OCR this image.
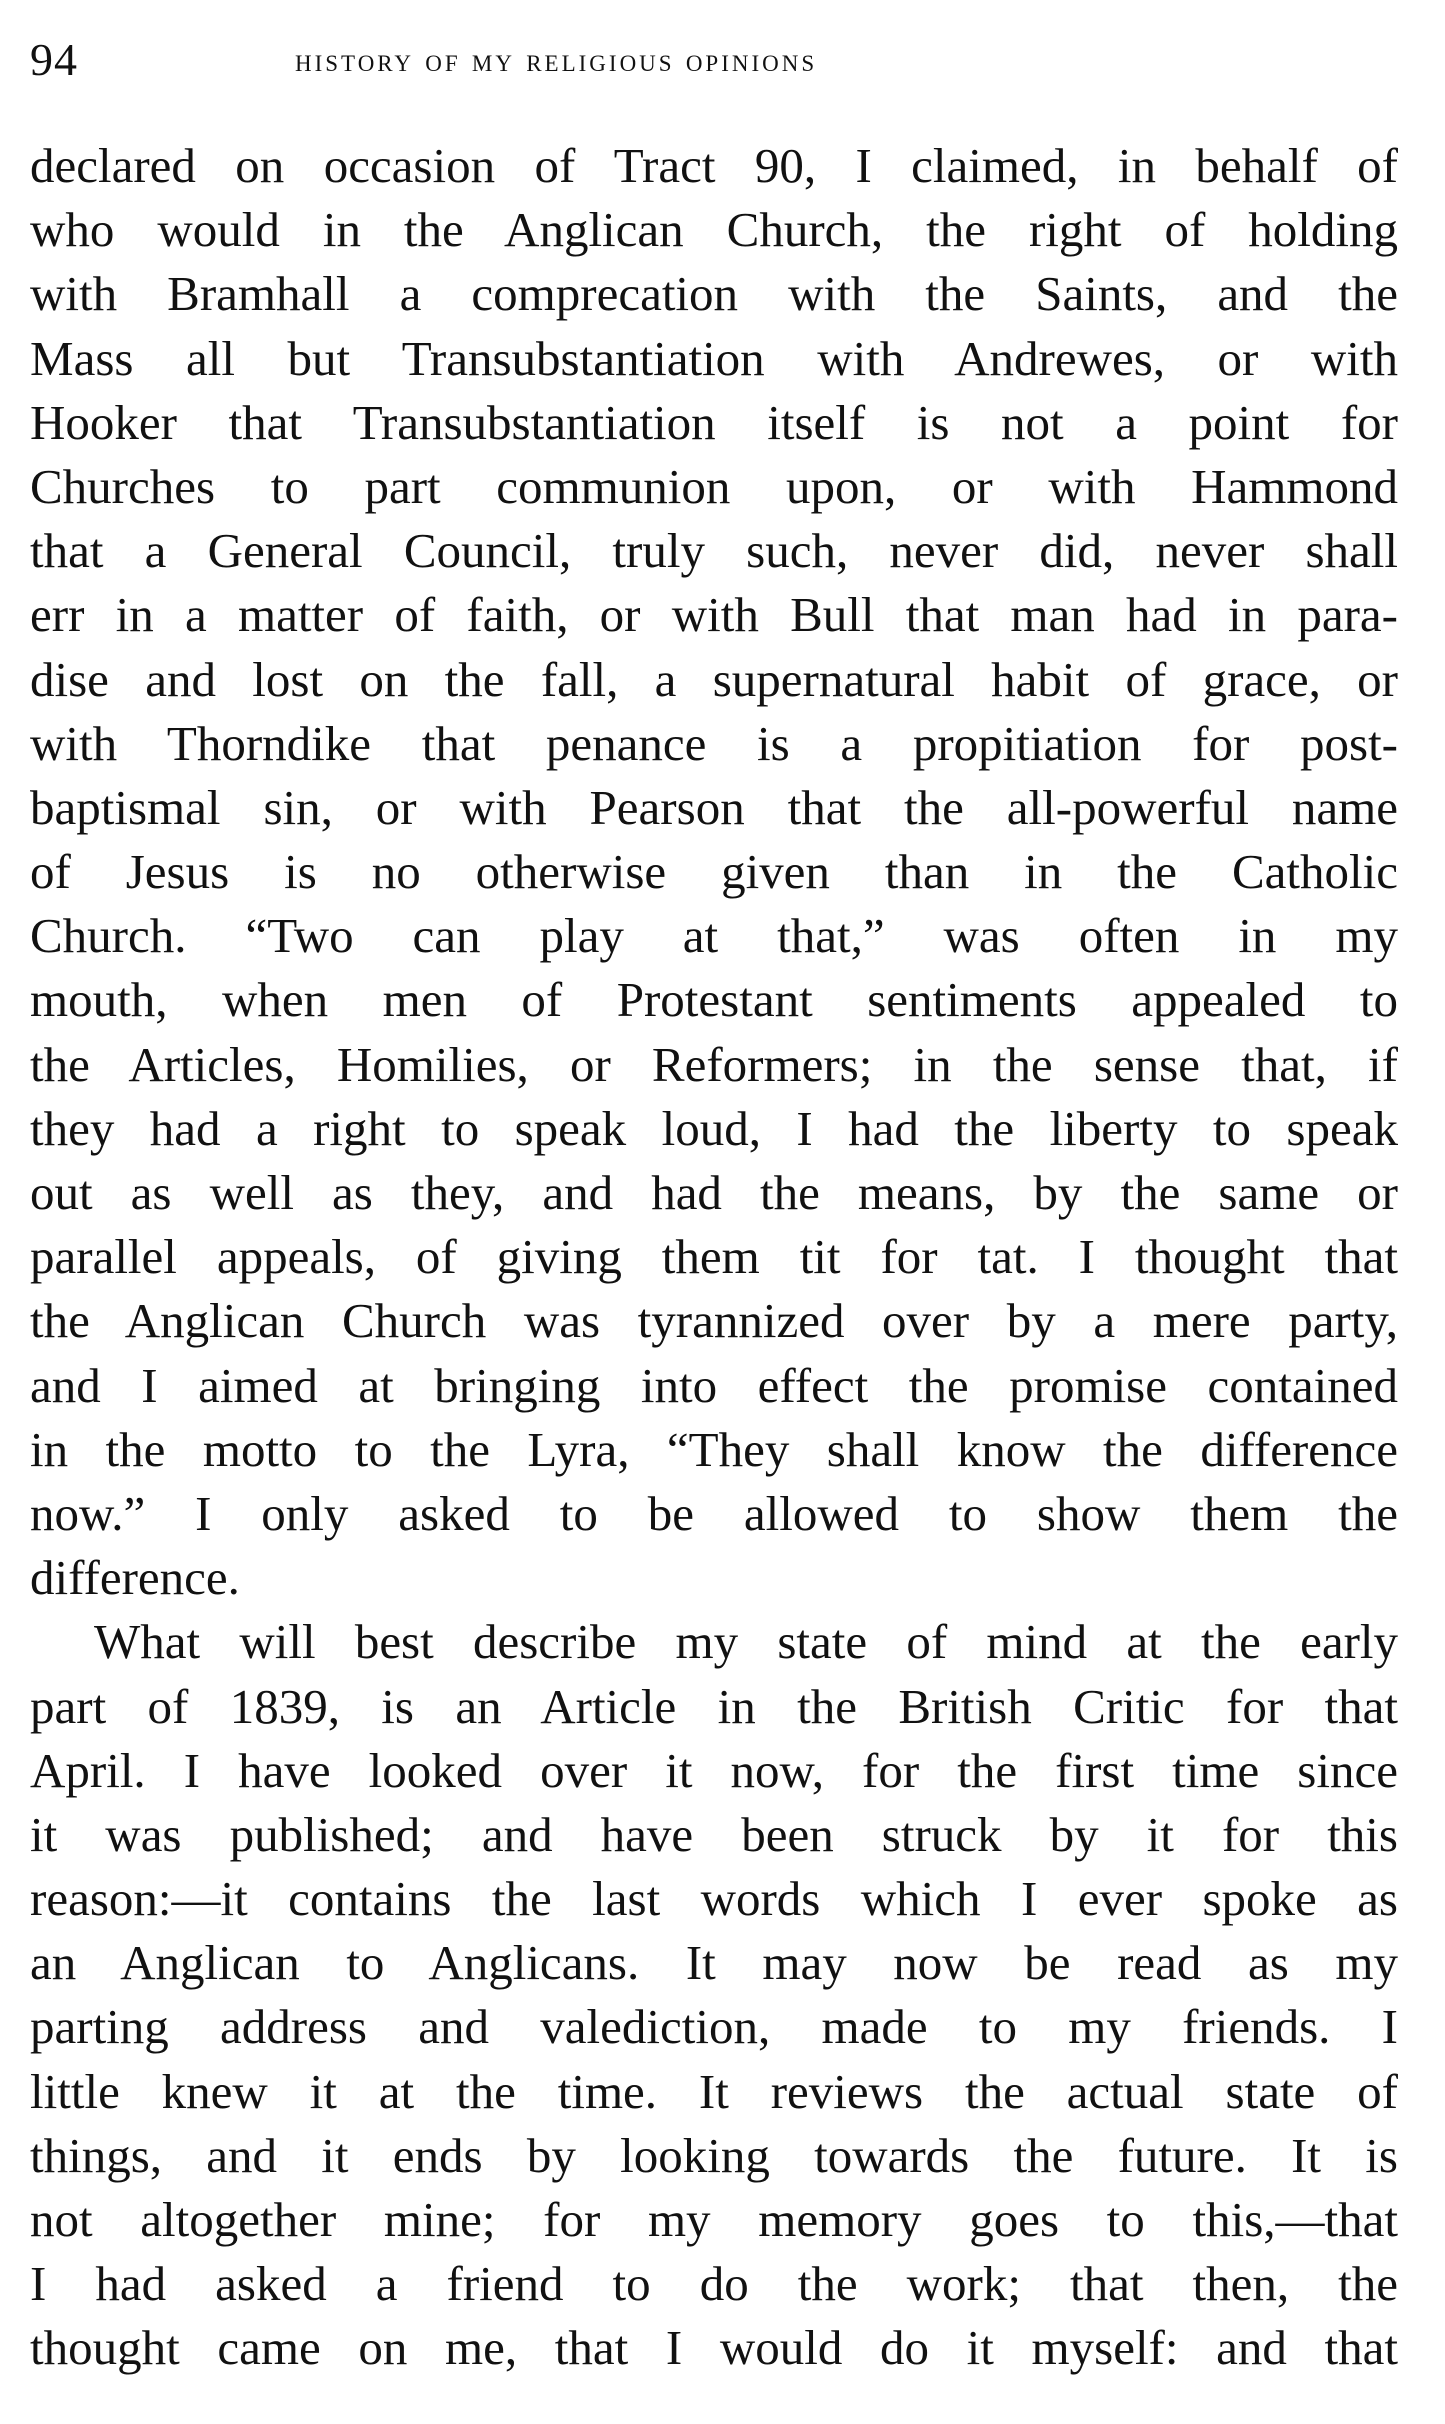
94	history of my religious opinions
declared on occasion of Tract 90, I claimed, in behalf of
who would in the Anglican Church, the right of holding
with Bramhall a comprecation with the Saints, and the
Mass all but Transubstantiation with Andrewes, or with
Hooker that Transubstantiation itself is not a point for
Churches to part communion upon, or with Hammond
that a General Council, truly such, never did, never shall
err in a matter of faith, or with Bull that man had in para-
dise and lost on the fall, a supernatural habit of grace, or
with Thorndike that penance is a propitiation for post-
baptismal sin, or with Pearson that the all-powerful name
of Jesus is no otherwise given than in the Catholic
Church. “Two can play at that,” was often in my
mouth, when men of Protestant sentiments appealed to
the Articles, Homilies, or Reformers; in the sense that, if
they had a right to speak loud, I had the liberty to speak
out as well as they, and had the means, by the same or
parallel appeals, of giving them tit for tat. I thought that
the Anglican Church was tyrannized over by a mere party,
and I aimed at bringing into effect the promise contained
in the motto to the Lyra, “They shall know the difference
now.” I only asked to be allowed to show them the
difference.
What will best describe my state of mind at the early
part of 1839, is an Article in the British Critic for that
April. I have looked over it now, for the first time since
it was published; and have been struck by it for this
reason:—it contains the last words which I ever spoke as
an Anglican to Anglicans. It may now be read as my
parting address and valediction, made to my friends. I
little knew it at the time. It reviews the actual state of
things, and it ends by looking towards the future. It is
not altogether mine; for my memory goes to this,—that
I had asked a friend to do the work; that then, the
thought came on me, that I would do it myself: and that
